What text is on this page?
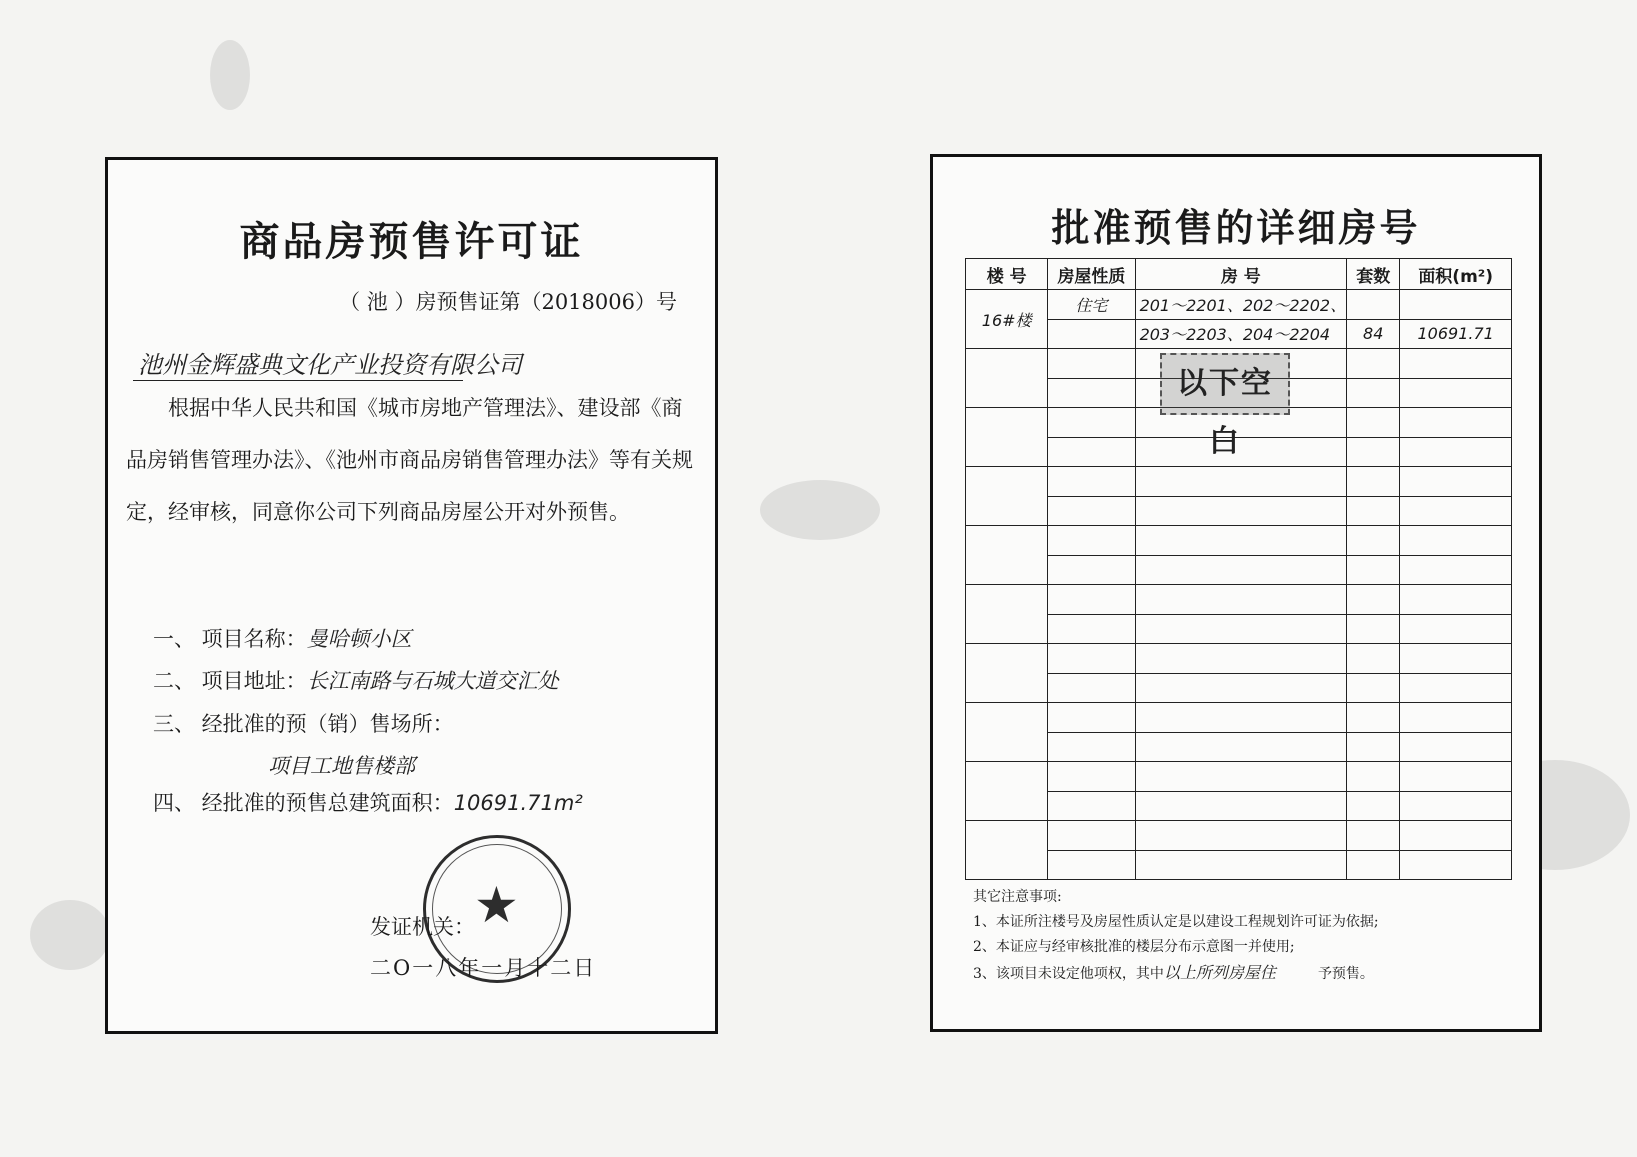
商品房预售许可证
（ 池 ）房预售证第（2018006）号
池州金辉盛典文化产业投资有限公司
根据中华人民共和国《城市房地产管理法》、建设部《商品房销售管理办法》、《池州市商品房销售管理办法》等有关规定，经审核，同意你公司下列商品房屋公开对外预售。
一、 项目名称：曼哈顿小区
二、 项目地址：长江南路与石城大道交汇处
三、 经批准的预（销）售场所：
项目工地售楼部
四、 经批准的预售总建筑面积：10691.71m²
★
发证机关：
二O一八年一月十二日
批准预售的详细房号
楼 号	房屋性质	房 号	套数	面积(m²)
16#楼	住宅	201～2201、202～2202、		
		203～2203、204～2204	84	10691.71

以下空白
其它注意事项:
1、本证所注楼号及房屋性质认定是以建设工程规划许可证为依据;
2、本证应与经审核批准的楼层分布示意图一并使用;
3、该项目未设定他项权，其中以上所列房屋住   	予预售。
